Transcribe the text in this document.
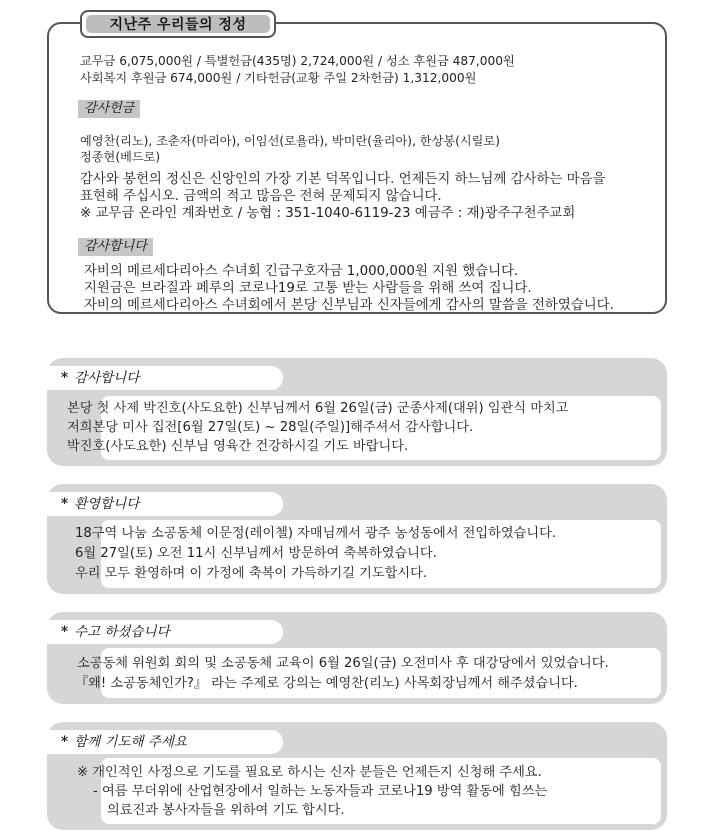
지난주 우리들의 정성
교무금 6,075,000원 / 특별헌금(435명) 2,724,000원 / 성소 후원금 487,000원
사회복지 후원금 674,000원 / 기타헌금(교황 주일 2차헌금) 1,312,000원
감사헌금
예영찬(리노), 조춘자(마리아), 이임선(로욜라), 박미란(율리아), 한상봉(시릴로)
정종현(베드로)
감사와 봉헌의 정신은 신앙인의 가장 기본 덕목입니다. 언제든지 하느님께 감사하는 마음을
표현해 주십시오. 금액의 적고 많음은 전혀 문제되지 않습니다.
※ 교무금 온라인 계좌번호 / 농협 : 351-1040-6119-23 예금주 : 재)광주구천주교회
감사합니다
자비의 메르세다리아스 수녀회 긴급구호자금 1,000,000원 지원 했습니다.
지원금은 브라질과 페루의 코로나19로 고통 받는 사람들을 위해 쓰여 집니다.
자비의 메르세다리아스 수녀회에서 본당 신부님과 신자들에게 감사의 말씀을 전하였습니다.
* 감사합니다
본당 첫 사제 박진호(사도요한) 신부님께서 6월 26일(금) 군종사제(대위) 임관식 마치고
저희본당 미사 집전[6월 27일(토) ~ 28일(주일)]해주셔서 감사합니다.
박진호(사도요한) 신부님 영육간 건강하시길 기도 바랍니다.
* 환영합니다
18구역 나눔 소공동체 이문정(레이첼) 자매님께서 광주 농성동에서 전입하였습니다.
6월 27일(토) 오전 11시 신부님께서 방문하여 축복하였습니다.
우리 모두 환영하며 이 가정에 축복이 가득하기길 기도합시다.
* 수고 하셨습니다
소공동체 위원회 회의 및 소공동체 교육이 6월 26일(금) 오전미사 후 대강당에서 있었습니다.
『왜! 소공동체인가?』 라는 주제로 강의는 예영찬(리노) 사목회장님께서 해주셨습니다.
* 함께 기도해 주세요
※ 개인적인 사정으로 기도를 필요로 하시는 신자 분들은 언제든지 신청해 주세요.
- 여름 무더위에 산업현장에서 일하는 노동자들과 코로나19 방역 활동에 힘쓰는
의료진과 봉사자들을 위하여 기도 합시다.
